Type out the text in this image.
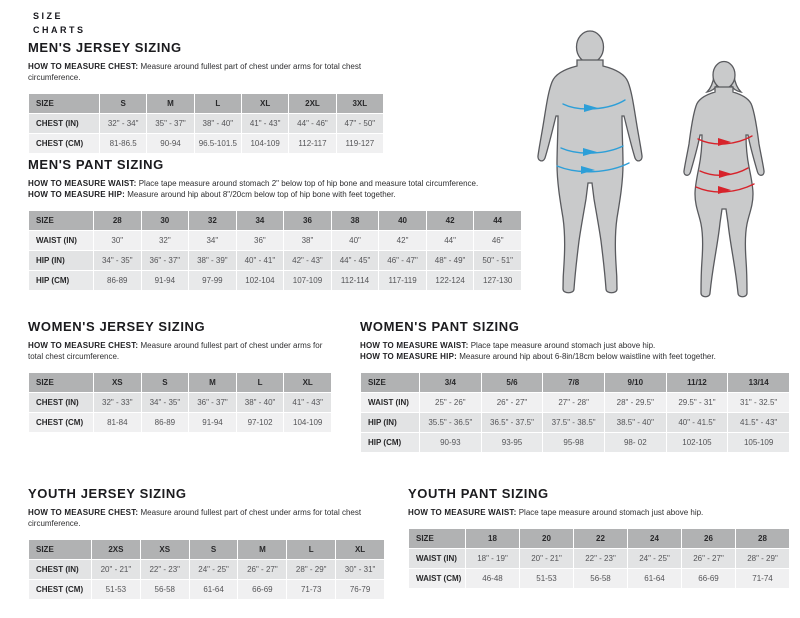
SIZE
CHARTS
MEN'S JERSEY SIZING

HOW TO MEASURE CHEST: Measure around fullest part of chest under arms for total chest circumference.

SIZE	S	M	L	XL	2XL	3XL
CHEST (IN)	32" - 34"	35" - 37"	38" - 40"	41" - 43"	44" - 46"	47" - 50"
CHEST (CM)	81-86.5	90-94	96.5-101.5	104-109	112-117	119-127
MEN'S PANT SIZING

HOW TO MEASURE WAIST: Place tape measure around stomach 2" below top of hip bone and measure total circumference.

HOW TO MEASURE HIP: Measure around hip about 8"/20cm below top of hip bone with feet together.

SIZE	28	30	32	34	36	38	40	42	44
WAIST (IN)	30"	32"	34"	36"	38"	40"	42"	44"	46"
HIP (IN)	34" - 35"	36" - 37"	38" - 39"	40" - 41"	42" - 43"	44" - 45"	46" - 47"	48" - 49"	50" - 51"
HIP (CM)	86-89	91-94	97-99	102-104	107-109	112-114	117-119	122-124	127-130
WOMEN'S JERSEY SIZING

HOW TO MEASURE CHEST: Measure around fullest part of chest under arms for total chest circumference.

SIZE	XS	S	M	L	XL
CHEST (IN)	32" - 33"	34" - 35"	36" - 37"	38" - 40"	41" - 43"
CHEST (CM)	81-84	86-89	91-94	97-102	104-109
WOMEN'S PANT SIZING

HOW TO MEASURE WAIST: Place tape measure around stomach just above hip.

HOW TO MEASURE HIP: Measure around hip about 6-8in/18cm below waistline with feet together.

SIZE	3/4	5/6	7/8	9/10	11/12	13/14
WAIST (IN)	25" - 26"	26" - 27"	27" - 28"	28" - 29.5"	29.5" - 31"	31" - 32.5"
HIP (IN)	35.5" - 36.5"	36.5" - 37.5"	37.5" - 38.5"	38.5" - 40"	40" - 41.5"	41.5" - 43"
HIP (CM)	90-93	93-95	95-98	98- 02	102-105	105-109
YOUTH JERSEY SIZING

HOW TO MEASURE CHEST: Measure around fullest part of chest under arms for total chest circumference.

SIZE	2XS	XS	S	M	L	XL
CHEST (IN)	20" - 21"	22" - 23"	24" - 25"	26" - 27"	28" - 29"	30" - 31"
CHEST (CM)	51-53	56-58	61-64	66-69	71-73	76-79
YOUTH PANT SIZING

HOW TO MEASURE WAIST: Place tape measure around stomach just above hip.

SIZE	18	20	22	24	26	28
WAIST (IN)	18" - 19"	20" - 21"	22" - 23"	24" - 25"	26" - 27"	28" - 29"
WAIST (CM)	46-48	51-53	56-58	61-64	66-69	71-74
